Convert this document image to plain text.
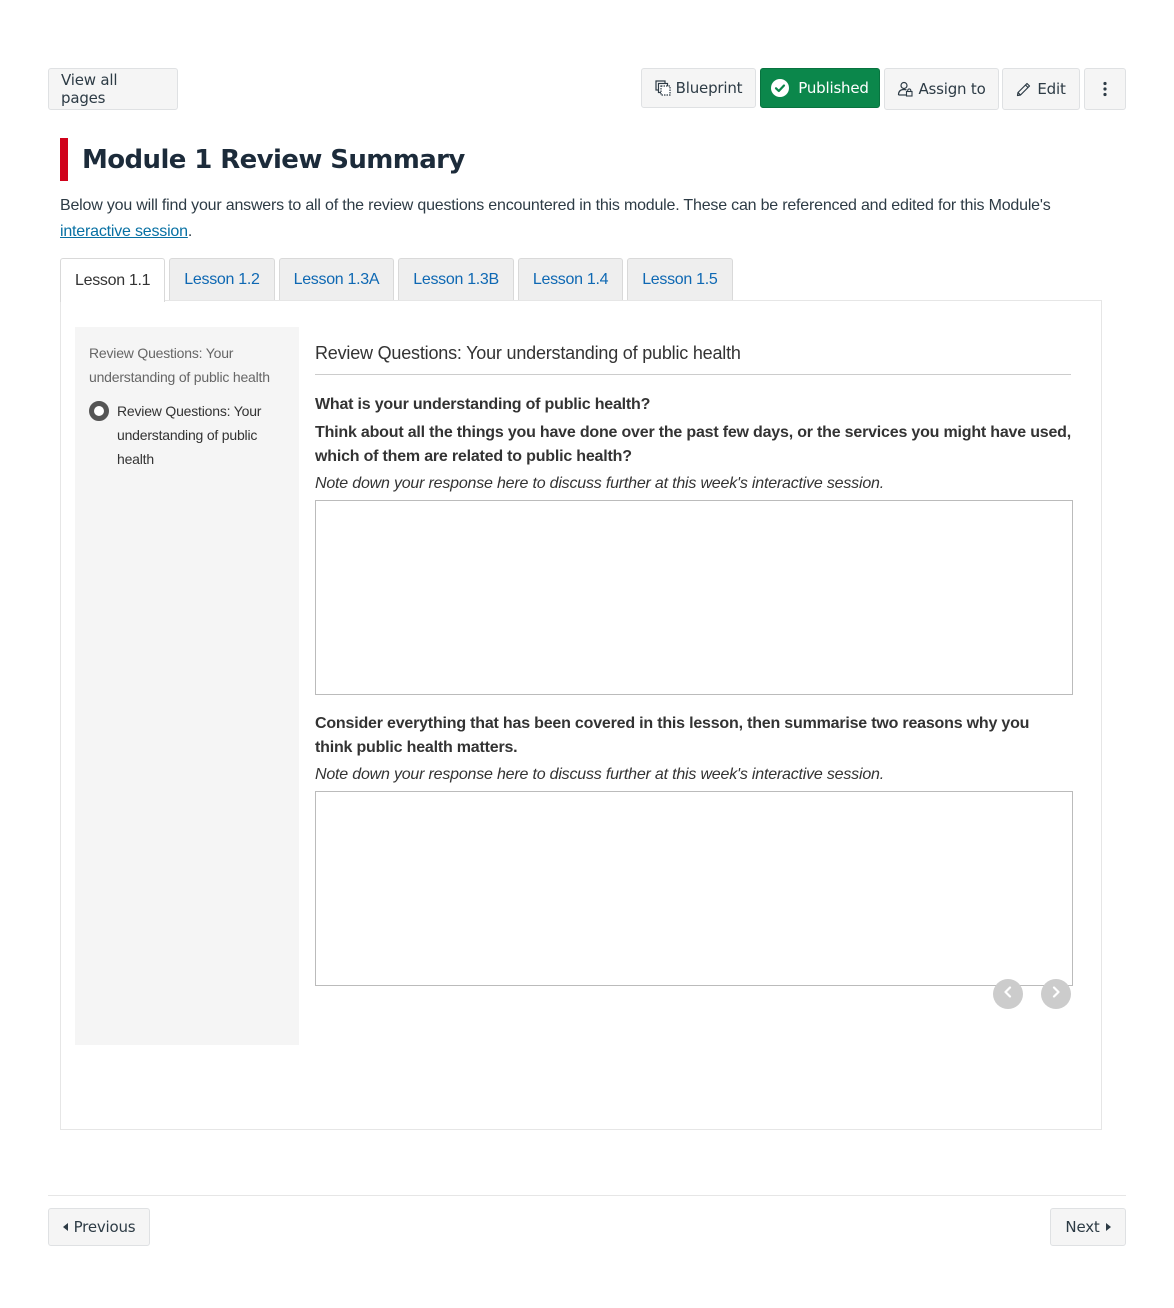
View all pages
Blueprint	Published	Assign to	Edit
Module 1 Review Summary
Below you will find your answers to all of the review questions encountered in this module. These can be referenced and edited for this Module's interactive session.
Lesson 1.1	Lesson 1.2	Lesson 1.3A	Lesson 1.3B	Lesson 1.4	Lesson 1.5
Review Questions: Your understanding of public health
Review Questions: Your understanding of public health
Review Questions: Your understanding of public health
What is your understanding of public health?
Think about all the things you have done over the past few days, or the services you might have used, which of them are related to public health?
Note down your response here to discuss further at this week's interactive session.
Consider everything that has been covered in this lesson, then summarise two reasons why you think public health matters.
Note down your response here to discuss further at this week's interactive session.
Previous	Next
